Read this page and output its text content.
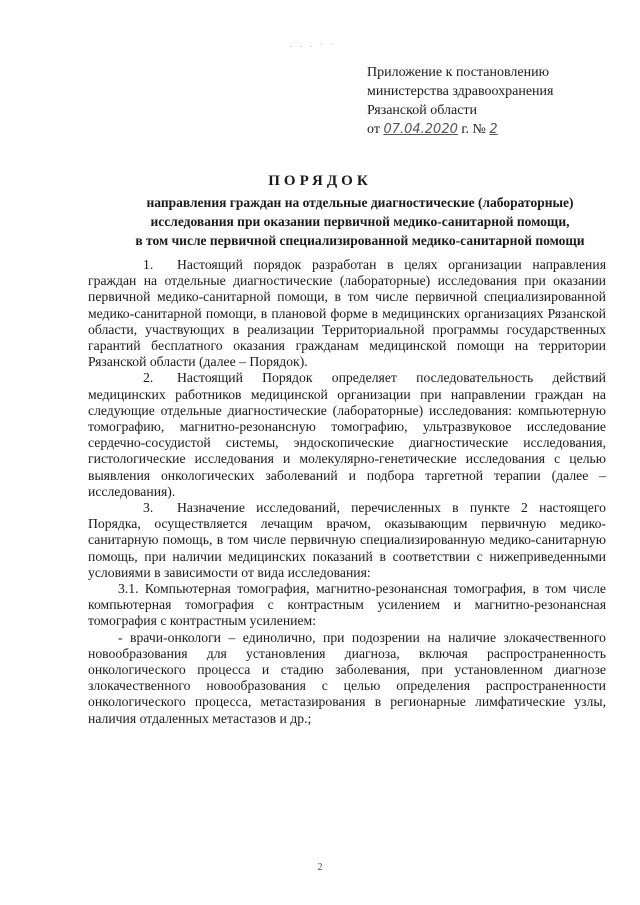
. . . · ·
Приложение к постановлению
министерства здравоохранения
Рязанской области
от 07.04.2020 г. № 2
ПОРЯДОК
направления граждан на отдельные диагностические (лабораторные)
исследования при оказании первичной медико-санитарной помощи,
в том числе первичной специализированной медико-санитарной помощи

1. Настоящий порядок разработан в целях организации направления граждан на отдельные диагностические (лабораторные) исследования при оказании первичной медико-санитарной помощи, в том числе первичной специализированной медико-санитарной помощи, в плановой форме в медицинских организациях Рязанской области, участвующих в реализации Территориальной программы государственных гарантий бесплатного оказания гражданам медицинской помощи на территории Рязанской области (далее – Порядок).

2. Настоящий Порядок определяет последовательность действий медицинских работников медицинской организации при направлении граждан на следующие отдельные диагностические (лабораторные) исследования: компьютерную томографию, магнитно-резонансную томографию, ультразвуковое исследование сердечно-сосудистой системы, эндоскопические диагностические исследования, гистологические исследования и молекулярно-генетические исследования с целью выявления онкологических заболеваний и подбора таргетной терапии (далее – исследования).

3. Назначение исследований, перечисленных в пункте 2 настоящего Порядка, осуществляется лечащим врачом, оказывающим первичную медико-санитарную помощь, в том числе первичную специализированную медико-санитарную помощь, при наличии медицинских показаний в соответствии с нижеприведенными условиями в зависимости от вида исследования:

3.1. Компьютерная томография, магнитно-резонансная томография, в том числе компьютерная томография с контрастным усилением и магнитно-резонансная томография с контрастным усилением:

- врачи-онкологи – единолично, при подозрении на наличие злокачественного новообразования для установления диагноза, включая распространенность онкологического процесса и стадию заболевания, при установленном диагнозе злокачественного новообразования с целью определения распространенности онкологического процесса, метастазирования в регионарные лимфатические узлы, наличия отдаленных метастазов и др.;

2
